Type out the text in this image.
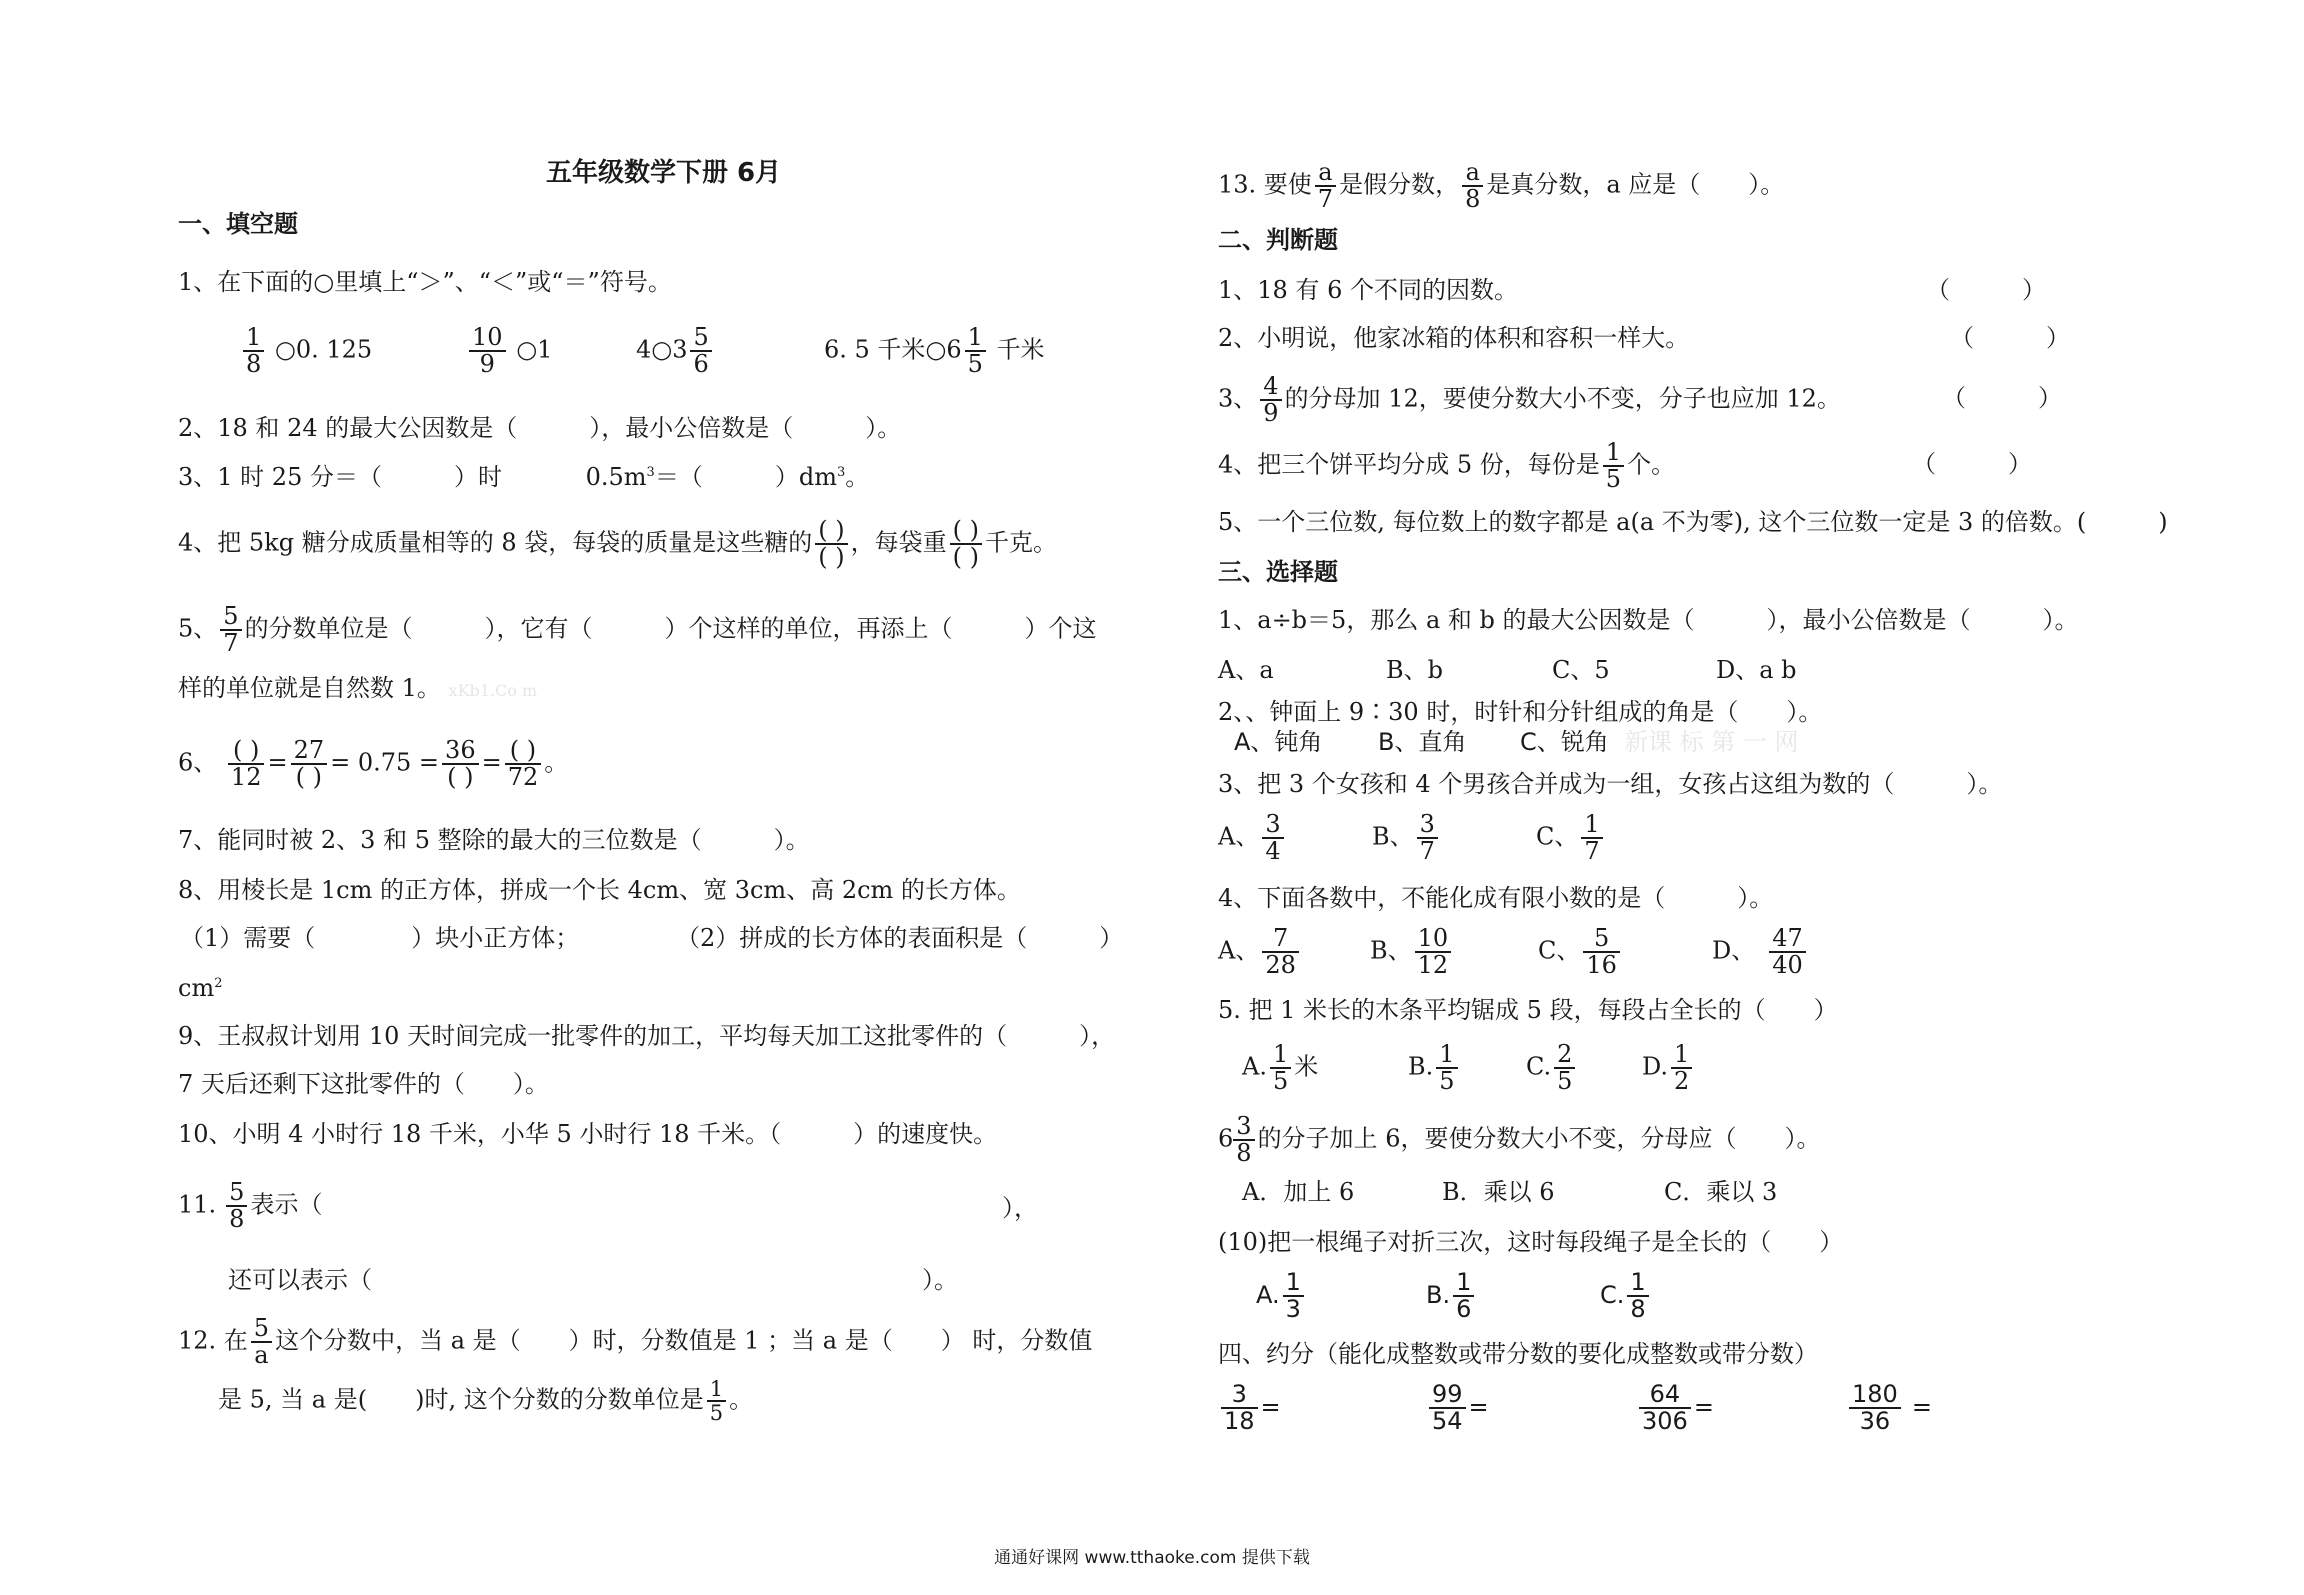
五年级数学下册 6月
一、填空题
1、在下面的○里填上“＞”、“＜”或“＝”符号。
$\frac{1}{8}$ ○0. 125	$\frac{10}{9}$ ○1	4○3 $\frac{5}{6}$	6. 5 千米○6 $\frac{1}{5}$ 千米
2、18 和 24 的最大公因数是（　　　），最小公倍数是（　　　）。
3、1 时 25 分＝（　　　）时	$0.5m^3=$（　　　）$dm^3$。
4、把 5kg 糖分成质量相等的 8 袋，每袋的质量是这些糖的 $\frac{( )}{( )}$ ，每袋重 $\frac{( )}{( )}$ 千克。
5、 $\frac{5}{7}$ 的分数单位是（　　　），它有（　　　）个这样的单位，再添上（　　　）个这
样的单位就是自然数 1。 xKb1.Co m
6、 $\frac{( )}{12} = \frac{27}{( )} = 0.75 = \frac{36}{( )} = \frac{( )}{72}$ 。
7、能同时被 2、3 和 5 整除的最大的三位数是（　　　）。
8、用棱长是 1cm 的正方体，拼成一个长 4cm、宽 3cm、高 2cm 的长方体。
（1）需要（　　　　）块小正方体；	（2）拼成的长方体的表面积是（　　　）
$cm^2$
9、王叔叔计划用 10 天时间完成一批零件的加工，平均每天加工这批零件的（　　　），
7 天后还剩下这批零件的（　　）。
10、小明 4 小时行 18 千米，小华 5 小时行 18 千米。（　　　）的速度快。
11. $\frac{5}{8}$ 表示（	），
还可以表示（	）。
12. 在 $\frac{5}{a}$ 这个分数中，当 a 是（　　）时，分数值是 1 ；当 a 是（　　） 时，分数值
是 5, 当 a 是(　　)时, 这个分数的分数单位是 $\frac{1}{5}$ 。
13. 要使 $\frac{a}{7}$ 是假分数， $\frac{a}{8}$ 是真分数，a 应是（　　）。
二、判断题
1、18 有 6 个不同的因数。	（　　　）
2、小明说，他家冰箱的体积和容积一样大。	（　　　）
3、 $\frac{4}{9}$ 的分母加 12，要使分数大小不变，分子也应加 12。	（　　　）
4、把三个饼平均分成 5 份，每份是 $\frac{1}{5}$ 个。	（　　　）
5、一个三位数, 每位数上的数字都是 a(a 不为零), 这个三位数一定是 3 的倍数。(　　　)
三、选择题
1、a÷b＝5，那么 a 和 b 的最大公因数是（　　　），最小公倍数是（　　　）。
A、a	B、b	C、5	D、a b
2、、钟面上 9∶30 时，时针和分针组成的角是（　　）。
A、钝角 B、直角 C、锐角 新课 标 第 一 网
3、把 3 个女孩和 4 个男孩合并成为一组，女孩占这组为数的（　　　）。
A、 $\frac{3}{4}$	B、 $\frac{3}{7}$	C、 $\frac{1}{7}$
4、下面各数中，不能化成有限小数的是（　　　）。
A、 $\frac{7}{28}$	B、 $\frac{10}{12}$	C、 $\frac{5}{16}$	D、 $\frac{47}{40}$
5. 把 1 米长的木条平均锯成 5 段，每段占全长的（　　）
A. $\frac{1}{5}$ 米	B. $\frac{1}{5}$	C. $\frac{2}{5}$	D. $\frac{1}{2}$
$6 \frac{3}{8}$ 的分子加上 6，要使分数大小不变，分母应（　　）。
A．加上 6	B．乘以 6	C．乘以 3
(10)把一根绳子对折三次，这时每段绳子是全长的（　　）
A. $\frac{1}{3}$	B. $\frac{1}{6}$	C. $\frac{1}{8}$
四、约分（能化成整数或带分数的要化成整数或带分数）
$\frac{3}{18}$ =	$\frac{99}{54}$ =	$\frac{64}{306}$ =	$\frac{180}{36}$ =
通通好课网 www.tthaoke.com 提供下载
